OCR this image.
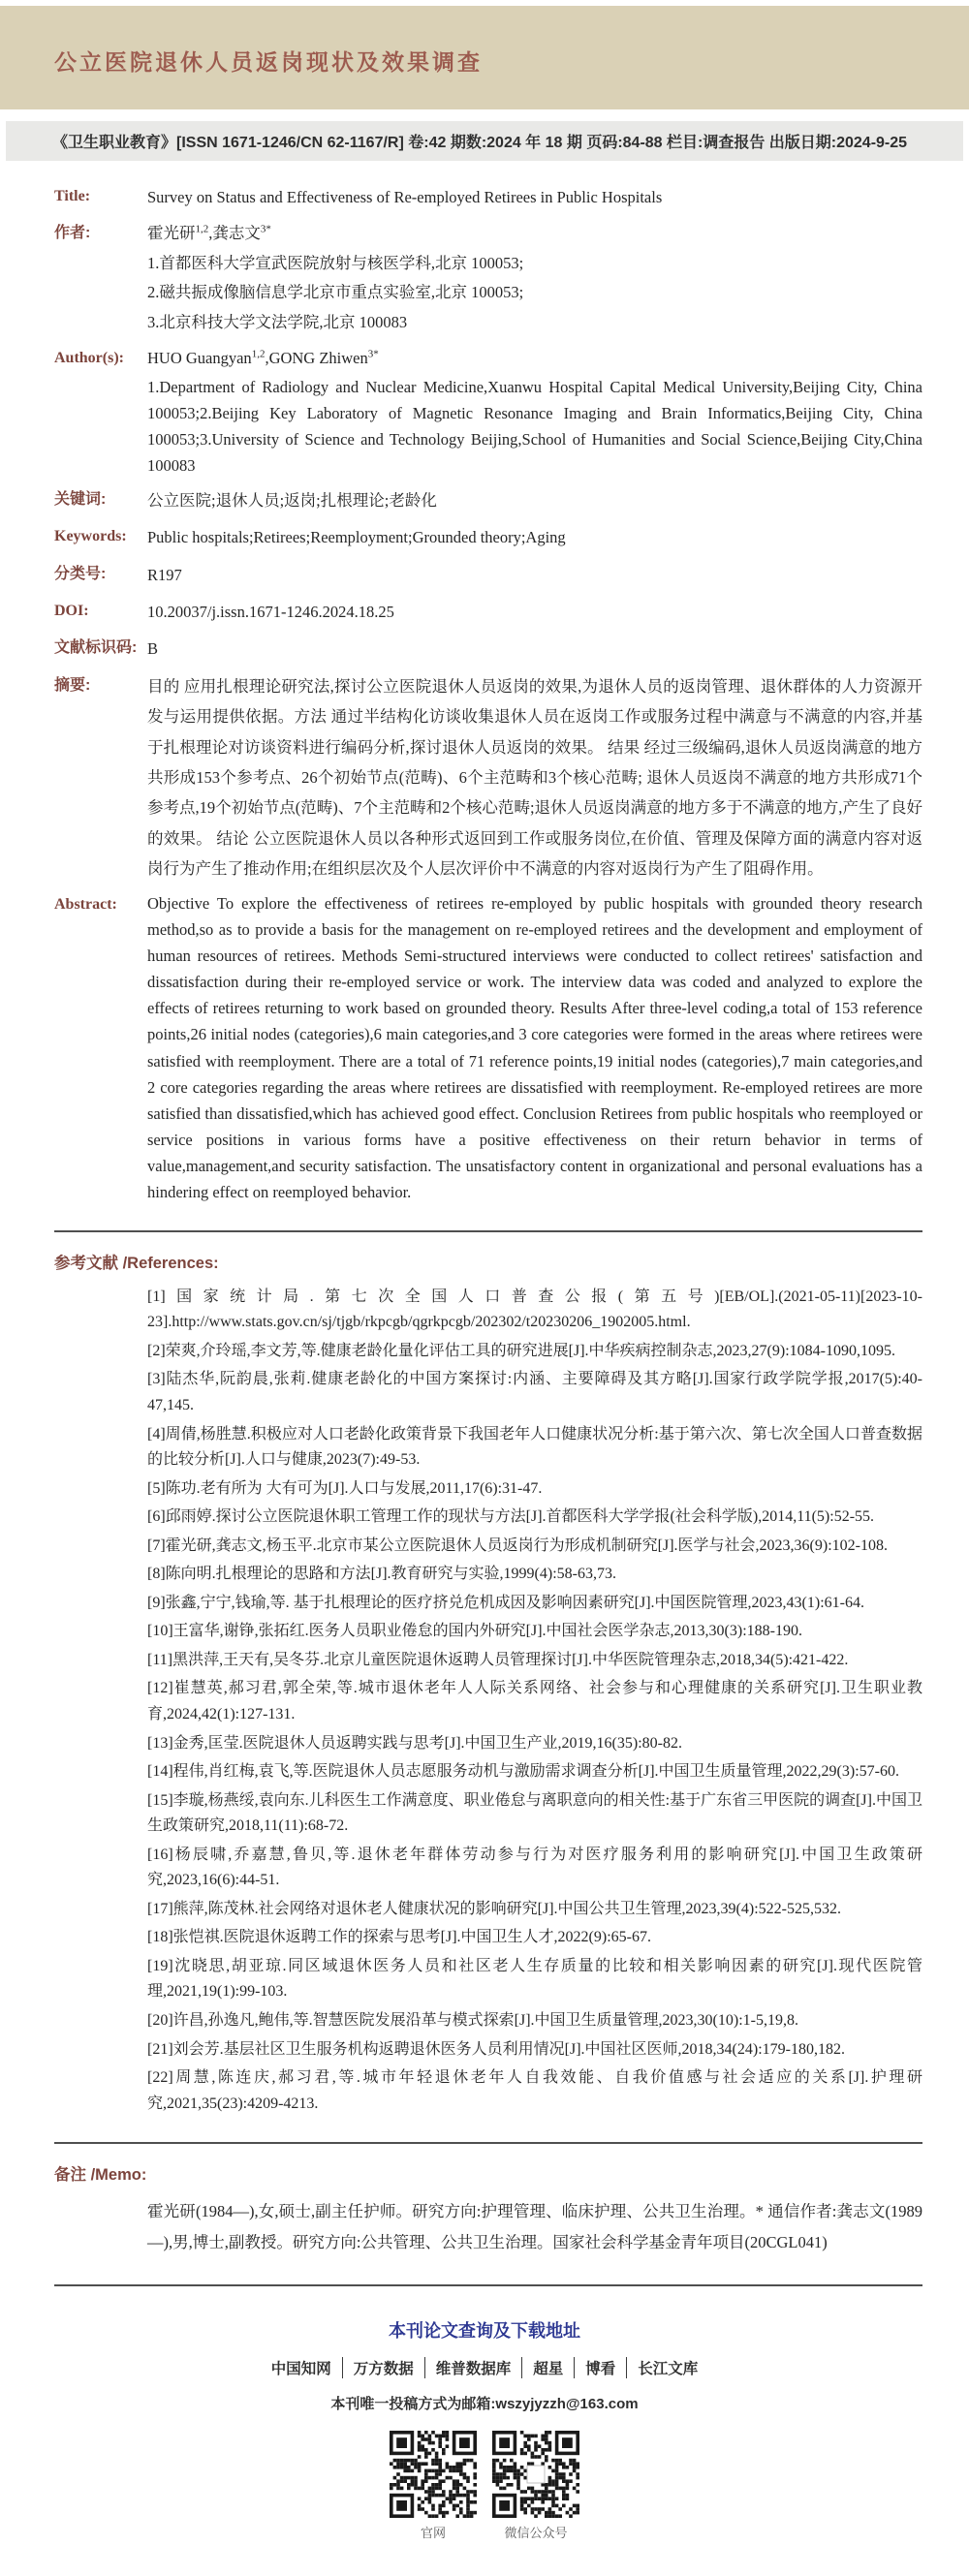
公立医院退休人员返岗现状及效果调查
《卫生职业教育》[ISSN 1671-1246/CN 62-1167/R] 卷:42 期数:2024 年 18 期 页码:84-88 栏目:调查报告 出版日期:2024-9-25
Title:	Survey on Status and Effectiveness of Re-employed Retirees in Public Hospitals
作者:	霍光研$^{1,2}$,龚志文$^{3*}$
1.首都医科大学宣武医院放射与核医学科,北京 100053;
2.磁共振成像脑信息学北京市重点实验室,北京 100053;
3.北京科技大学文法学院,北京 100083
Author(s):	HUO Guangyan$^{1,2}$,GONG Zhiwen$^{3*}$
1.Department of Radiology and Nuclear Medicine,Xuanwu Hospital Capital Medical University,Beijing City, China 100053;2.Beijing Key Laboratory of Magnetic Resonance Imaging and Brain Informatics,Beijing City, China 100053;3.University of Science and Technology Beijing,School of Humanities and Social Science,Beijing City,China 100083
关键词:	公立医院;退休人员;返岗;扎根理论;老龄化
Keywords:	Public hospitals;Retirees;Reemployment;Grounded theory;Aging
分类号:	R197
DOI:	10.20037/j.issn.1671-1246.2024.18.25
文献标识码: B
摘要:	目的 应用扎根理论研究法,探讨公立医院退休人员返岗的效果,为退休人员的返岗管理、退休群体的人力资源开发与运用提供依据。方法 通过半结构化访谈收集退休人员在返岗工作或服务过程中满意与不满意的内容,并基于扎根理论对访谈资料进行编码分析,探讨退休人员返岗的效果。 结果 经过三级编码,退休人员返岗满意的地方共形成153个参考点、26个初始节点(范畴)、6个主范畴和3个核心范畴; 退休人员返岗不满意的地方共形成71个参考点,19个初始节点(范畴)、7个主范畴和2个核心范畴;退休人员返岗满意的地方多于不满意的地方,产生了良好的效果。 结论 公立医院退休人员以各种形式返回到工作或服务岗位,在价值、管理及保障方面的满意内容对返岗行为产生了推动作用;在组织层次及个人层次评价中不满意的内容对返岗行为产生了阻碍作用。
Abstract:	Objective To explore the effectiveness of retirees re-employed by public hospitals with grounded theory research method,so as to provide a basis for the management on re-employed retirees and the development and employment of human resources of retirees. Methods Semi-structured interviews were conducted to collect retirees' satisfaction and dissatisfaction during their re-employed service or work. The interview data was coded and analyzed to explore the effects of retirees returning to work based on grounded theory. Results After three-level coding,a total of 153 reference points,26 initial nodes (categories),6 main categories,and 3 core categories were formed in the areas where retirees were satisfied with reemployment. There are a total of 71 reference points,19 initial nodes (categories),7 main categories,and 2 core categories regarding the areas where retirees are dissatisfied with reemployment. Re-employed retirees are more satisfied than dissatisfied,which has achieved good effect. Conclusion Retirees from public hospitals who reemployed or service positions in various forms have a positive effectiveness on their return behavior in terms of value,management,and security satisfaction. The unsatisfactory content in organizational and personal evaluations has a hindering effect on reemployed behavior.
参考文献 /References:

[1]国家统计局.第七次全国人口普查公报(第五号)[EB/OL].(2021-05-11)[2023-10-23].http://www.stats.gov.cn/sj/tjgb/rkpcgb/qgrkpcgb/202302/t20230206_1902005.html.

[2]荣爽,介玲瑶,李文芳,等.健康老龄化量化评估工具的研究进展[J].中华疾病控制杂志,2023,27(9):1084-1090,1095.

[3]陆杰华,阮韵晨,张莉.健康老龄化的中国方案探讨:内涵、主要障碍及其方略[J].国家行政学院学报,2017(5):40-47,145.

[4]周倩,杨胜慧.积极应对人口老龄化政策背景下我国老年人口健康状况分析:基于第六次、第七次全国人口普查数据的比较分析[J].人口与健康,2023(7):49-53.

[5]陈功.老有所为 大有可为[J].人口与发展,2011,17(6):31-47.

[6]邱雨婷.探讨公立医院退休职工管理工作的现状与方法[J].首都医科大学学报(社会科学版),2014,11(5):52-55.

[7]霍光研,龚志文,杨玉平.北京市某公立医院退休人员返岗行为形成机制研究[J].医学与社会,2023,36(9):102-108.

[8]陈向明.扎根理论的思路和方法[J].教育研究与实验,1999(4):58-63,73.

[9]张鑫,宁宁,钱瑜,等. 基于扎根理论的医疗挤兑危机成因及影响因素研究[J].中国医院管理,2023,43(1):61-64.

[10]王富华,谢铮,张拓红.医务人员职业倦怠的国内外研究[J].中国社会医学杂志,2013,30(3):188-190.

[11]黑洪萍,王天有,吴冬芬.北京儿童医院退休返聘人员管理探讨[J].中华医院管理杂志,2018,34(5):421-422.

[12]崔慧英,郝习君,郭全荣,等.城市退休老年人人际关系网络、社会参与和心理健康的关系研究[J].卫生职业教育,2024,42(1):127-131.

[13]金秀,匡莹.医院退休人员返聘实践与思考[J].中国卫生产业,2019,16(35):80-82.

[14]程伟,肖红梅,袁飞,等.医院退休人员志愿服务动机与激励需求调查分析[J].中国卫生质量管理,2022,29(3):57-60.

[15]李璇,杨燕绥,袁向东.儿科医生工作满意度、职业倦怠与离职意向的相关性:基于广东省三甲医院的调查[J].中国卫生政策研究,2018,11(11):68-72.

[16]杨辰啸,乔嘉慧,鲁贝,等.退休老年群体劳动参与行为对医疗服务利用的影响研究[J].中国卫生政策研究,2023,16(6):44-51.

[17]熊萍,陈茂林.社会网络对退休老人健康状况的影响研究[J].中国公共卫生管理,2023,39(4):522-525,532.

[18]张恺祺.医院退休返聘工作的探索与思考[J].中国卫生人才,2022(9):65-67.

[19]沈晓思,胡亚琼.同区域退休医务人员和社区老人生存质量的比较和相关影响因素的研究[J].现代医院管理,2021,19(1):99-103.

[20]许昌,孙逸凡,鲍伟,等.智慧医院发展沿革与模式探索[J].中国卫生质量管理,2023,30(10):1-5,19,8.

[21]刘会芳.基层社区卫生服务机构返聘退休医务人员利用情况[J].中国社区医师,2018,34(24):179-180,182.

[22]周慧,陈连庆,郝习君,等.城市年轻退休老年人自我效能、自我价值感与社会适应的关系[J].护理研究,2021,35(23):4209-4213.

备注 /Memo:

霍光研(1984—),女,硕士,副主任护师。研究方向:护理管理、临床护理、公共卫生治理。* 通信作者:龚志文(1989—),男,博士,副教授。研究方向:公共管理、公共卫生治理。国家社会科学基金青年项目(20CGL041)

本刊论文查询及下载地址
中国知网	万方数据	维普数据库	超星	博看	长江文库
本刊唯一投稿方式为邮箱:wszyjyzzh@163.com
官网	微信公众号
